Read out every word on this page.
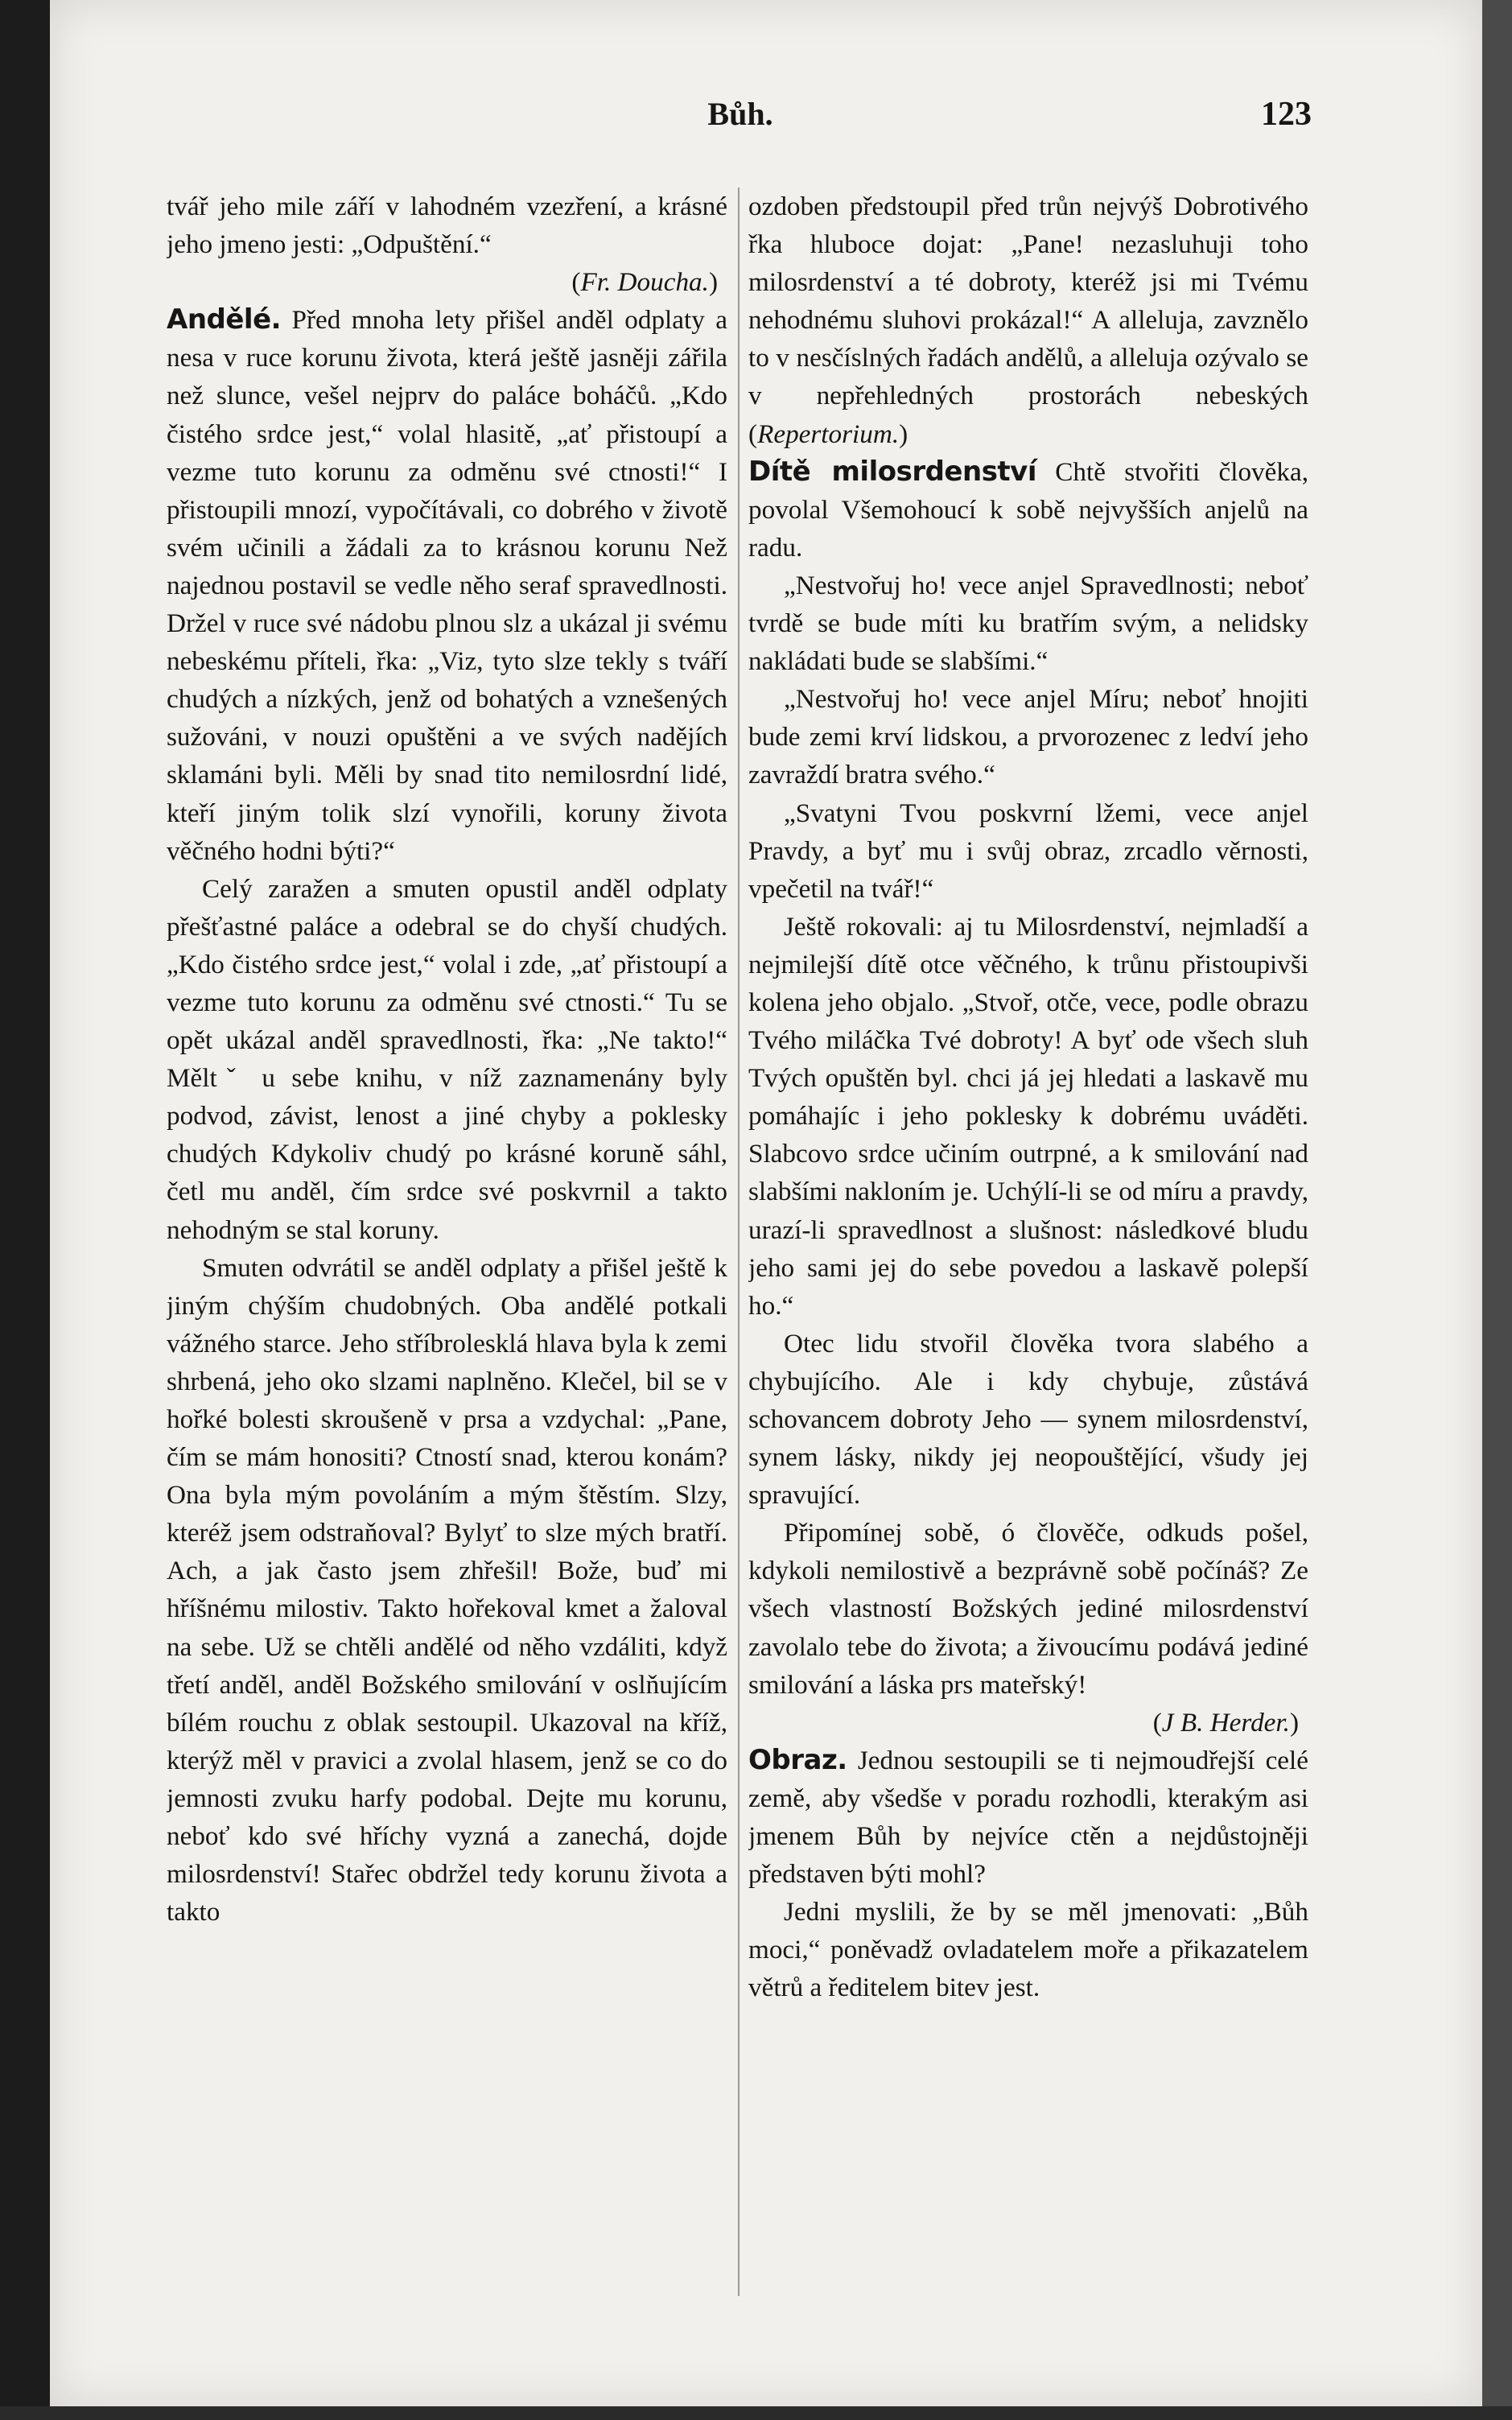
Bůh.	123

tvář jeho mile září v lahodném vzezření, a krásné jeho jmeno jesti: „Odpuštění.“

(Fr. Doucha.)

Andělé. Před mnoha lety přišel anděl odplaty a nesa v ruce korunu života, která ještě jasněji zářila než slunce, vešel nejprv do paláce boháčů. „Kdo čistého srdce jest,“ volal hlasitě, „ať přistoupí a vezme tuto korunu za odměnu své ctnosti!“ I přistoupili mnozí, vypočítávali, co dobrého v životě svém učinili a žádali za to krásnou korunu Než najednou postavil se vedle něho seraf spravedlnosti. Držel v ruce své nádobu plnou slz a ukázal ji svému nebeskému příteli, řka: „Viz, tyto slze tekly s tváří chudých a nízkých, jenž od bohatých a vznešených sužováni, v nouzi opuštěni a ve svých nadějích sklamáni byli. Měli by snad tito nemilosrdní lidé, kteří jiným tolik slzí vynořili, koruny života věčného hodni býti?“

Celý zaražen a smuten opustil anděl odplaty přešťastné paláce a odebral se do chyší chudých. „Kdo čistého srdce jest,“ volal i zde, „ať přistoupí a vezme tuto korunu za odměnu své ctnosti.“ Tu se opět ukázal anděl spravedlnosti, řka: „Ne takto!“ Měltˇ u sebe knihu, v níž zaznamenány byly podvod, závist, lenost a jiné chyby a poklesky chudých Kdykoliv chudý po krásné koruně sáhl, četl mu anděl, čím srdce své poskvrnil a takto nehodným se stal koruny.

Smuten odvrátil se anděl odplaty a přišel ještě k jiným chýším chudobných. Oba andělé potkali vážného starce. Jeho stříbrolesklá hlava byla k zemi shrbená, jeho oko slzami naplněno. Klečel, bil se v hořké bolesti skroušeně v prsa a vzdychal: „Pane, čím se mám honositi? Ctností snad, kterou konám? Ona byla mým povoláním a mým štěstím. Slzy, kteréž jsem odstraňoval? Bylyť to slze mých bratří. Ach, a jak často jsem zhřešil! Bože, buď mi hříšnému milostiv. Takto hořekoval kmet a žaloval na sebe. Už se chtěli andělé od něho vzdáliti, když třetí anděl, anděl Božského smilování v oslňujícím bílém rouchu z oblak sestoupil. Ukazoval na kříž, kterýž měl v pravici a zvolal hlasem, jenž se co do jemnosti zvuku harfy podobal. Dejte mu korunu, neboť kdo své hříchy vyzná a zanechá, dojde milosrdenství! Stařec obdržel tedy korunu života a takto

ozdoben předstoupil před trůn nejvýš Dobrotivého řka hluboce dojat: „Pane! nezasluhuji toho milosrdenství a té dobroty, kteréž jsi mi Tvému nehodnému sluhovi prokázal!“ A alleluja, zavznělo to v nesčíslných řadách andělů, a alleluja ozývalo se v nepřehledných prostorách nebeských (Repertorium.)

Dítě milosrdenství Chtě stvořiti člověka, povolal Všemohoucí k sobě nejvyšších anjelů na radu.

„Nestvořuj ho! vece anjel Spravedlnosti; neboť tvrdě se bude míti ku bratřím svým, a nelidsky nakládati bude se slabšími.“

„Nestvořuj ho! vece anjel Míru; neboť hnojiti bude zemi krví lidskou, a prvorozenec z ledví jeho zavraždí bratra svého.“

„Svatyni Tvou poskvrní lžemi, vece anjel Pravdy, a byť mu i svůj obraz, zrcadlo věrnosti, vpečetil na tvář!“

Ještě rokovali: aj tu Milosrdenství, nejmladší a nejmilejší dítě otce věčného, k trůnu přistoupivši kolena jeho objalo. „Stvoř, otče, vece, podle obrazu Tvého miláčka Tvé dobroty! A byť ode všech sluh Tvých opuštěn byl. chci já jej hledati a laskavě mu pomáhajíc i jeho poklesky k dobrému uváděti. Slabcovo srdce učiním outrpné, a k smilování nad slabšími nakloním je. Uchýlí-li se od míru a pravdy, urazí-li spravedlnost a slušnost: následkové bludu jeho sami jej do sebe povedou a laskavě polepší ho.“

Otec lidu stvořil člověka tvora slabého a chybujícího. Ale i kdy chybuje, zůstává schovancem dobroty Jeho — synem milosrdenství, synem lásky, nikdy jej neopouštějící, všudy jej spravující.

Připomínej sobě, ó člověče, odkuds pošel, kdykoli nemilostivě a bezprávně sobě počínáš? Ze všech vlastností Božských jediné milosrdenství zavolalo tebe do života; a živoucímu podává jediné smilování a láska prs mateřský!

(J B. Herder.)

Obraz. Jednou sestoupili se ti nejmoudřejší celé země, aby všedše v poradu rozhodli, kterakým asi jmenem Bůh by nejvíce ctěn a nejdůstojněji představen býti mohl?

Jedni myslili, že by se měl jmenovati: „Bůh moci,“ poněvadž ovladatelem moře a přikazatelem větrů a ředitelem bitev jest.
